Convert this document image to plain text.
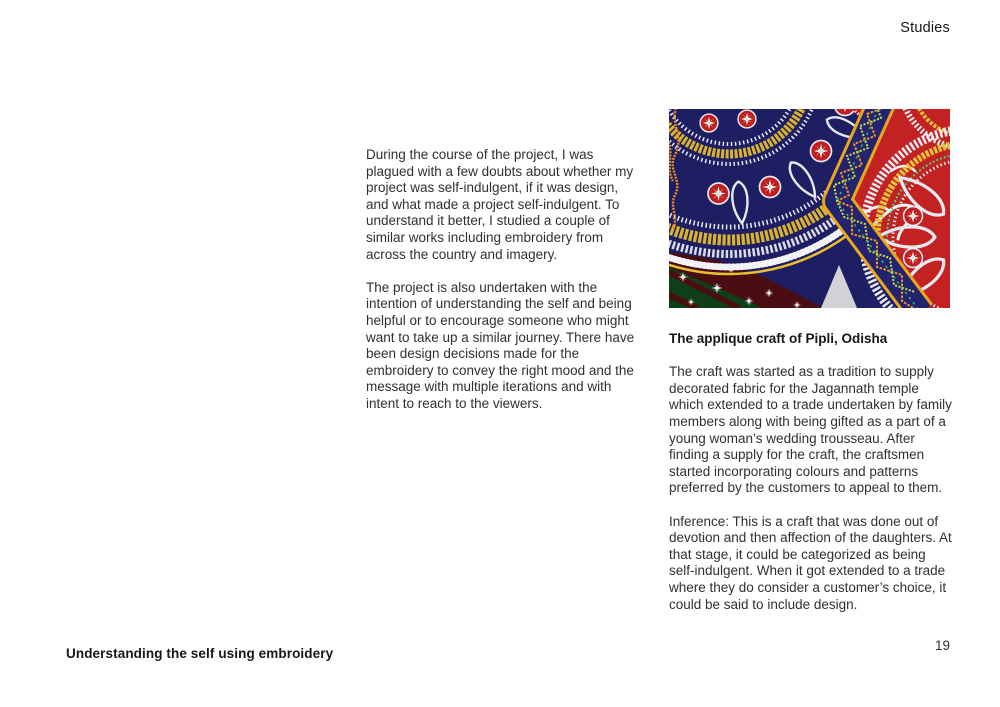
Studies

During the course of the project, I was plagued with a few doubts about whether my project was self-indulgent, if it was design, and what made a project self-indulgent. To understand it better, I studied a couple of similar works including embroidery from across the country and imagery.

The project is also undertaken with the intention of understanding the self and being helpful or to encourage someone who might want to take up a similar journey. There have been design decisions made for the embroidery to convey the right mood and the message with multiple iterations and with intent to reach to the viewers.

The applique craft of Pipli, Odisha

The craft was started as a tradition to supply decorated fabric for the Jagannath temple which extended to a trade undertaken by family members along with being gifted as a part of a young woman’s wedding trousseau. After finding a supply for the craft, the craftsmen started incorporating colours and patterns preferred by the customers to appeal to them.

Inference: This is a craft that was done out of devotion and then affection of the daughters. At that stage, it could be categorized as being self-indulgent. When it got extended to a trade where they do consider a customer’s choice, it could be said to include design.

Understanding the self using embroidery
19
